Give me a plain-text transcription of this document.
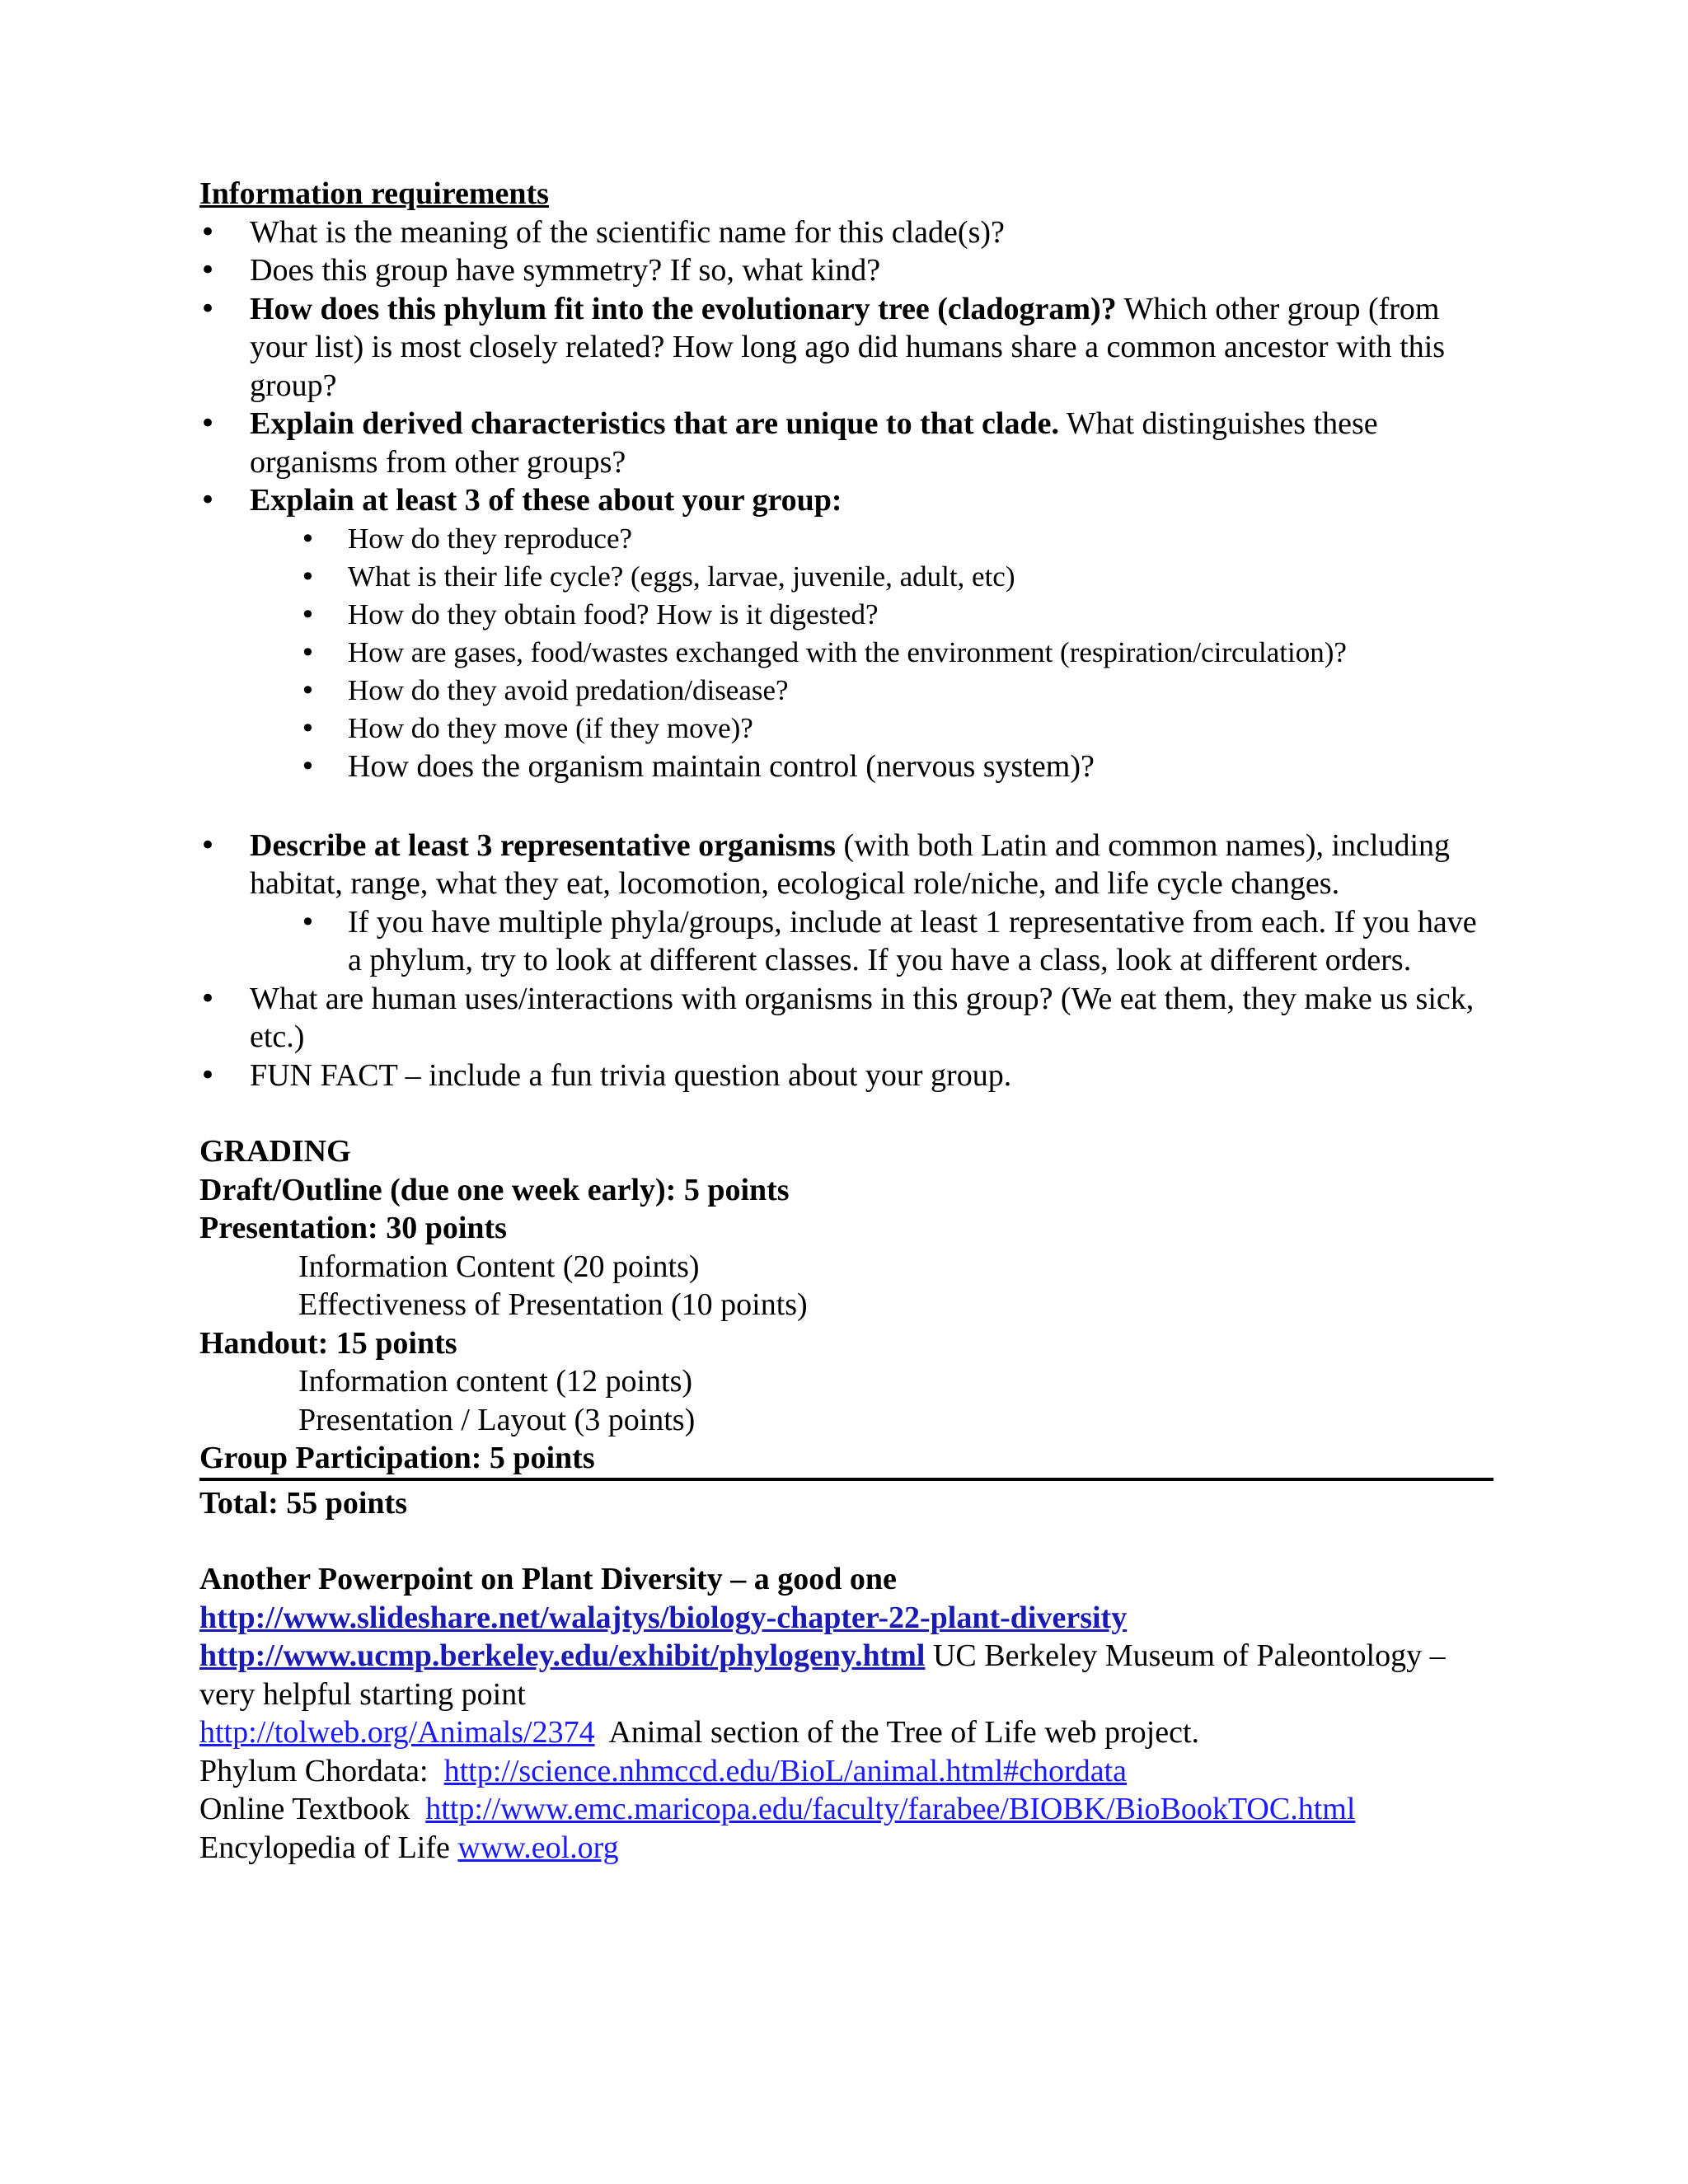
Information requirements
• What is the meaning of the scientific name for this clade(s)?
• Does this group have symmetry? If so, what kind?
• How does this phylum fit into the evolutionary tree (cladogram)? Which other group (from your list) is most closely related? How long ago did humans share a common ancestor with this group?
• Explain derived characteristics that are unique to that clade. What distinguishes these organisms from other groups?
• Explain at least 3 of these about your group:
• How do they reproduce?
• What is their life cycle? (eggs, larvae, juvenile, adult, etc)
• How do they obtain food? How is it digested?
• How are gases, food/wastes exchanged with the environment (respiration/circulation)?
• How do they avoid predation/disease?
• How do they move (if they move)?
• How does the organism maintain control (nervous system)?
• Describe at least 3 representative organisms (with both Latin and common names), including habitat, range, what they eat, locomotion, ecological role/niche, and life cycle changes.
• If you have multiple phyla/groups, include at least 1 representative from each. If you have a phylum, try to look at different classes. If you have a class, look at different orders.
• What are human uses/interactions with organisms in this group? (We eat them, they make us sick, etc.)
• FUN FACT – include a fun trivia question about your group.
GRADING
Draft/Outline (due one week early): 5 points
Presentation: 30 points
Information Content (20 points)
Effectiveness of Presentation (10 points)
Handout: 15 points
Information content (12 points)
Presentation / Layout (3 points)
Group Participation: 5 points
Total: 55 points
Another Powerpoint on Plant Diversity – a good one
http://www.slideshare.net/walajtys/biology-chapter-22-plant-diversity
http://www.ucmp.berkeley.edu/exhibit/phylogeny.html UC Berkeley Museum of Paleontology – very helpful starting point
http://tolweb.org/Animals/2374  Animal section of the Tree of Life web project.
Phylum Chordata:  http://science.nhmccd.edu/BioL/animal.html#chordata
Online Textbook  http://www.emc.maricopa.edu/faculty/farabee/BIOBK/BioBookTOC.html
Encylopedia of Life www.eol.org
